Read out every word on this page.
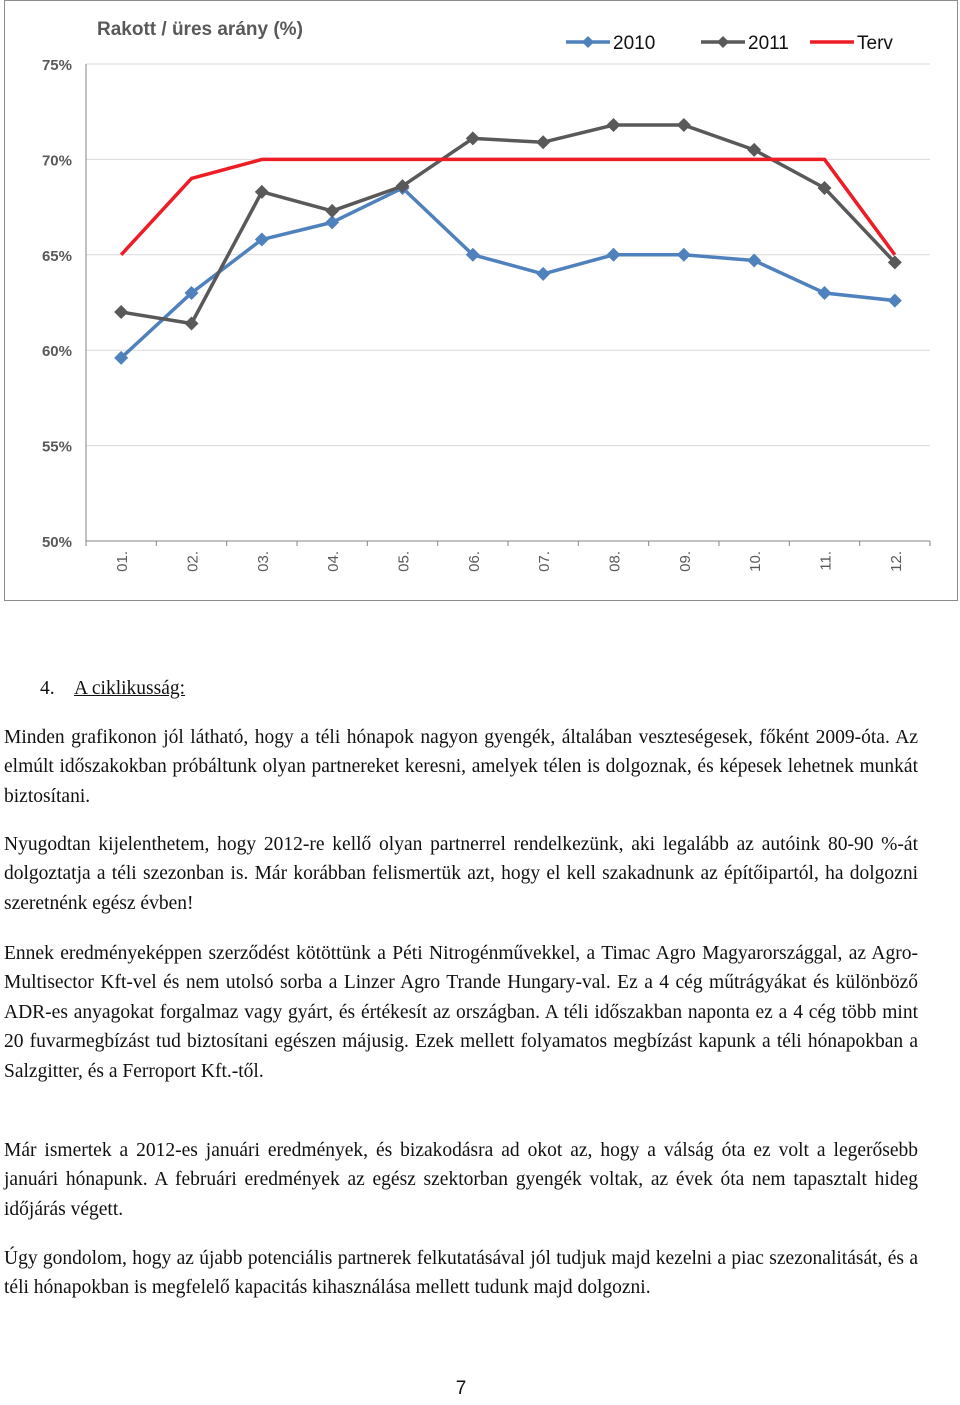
Rakott / üres arány (%)
50%
55%
60%
65%
70%
75%
01.	02.	03.	04.	05.	06.	07.	08.	09.	10.	11.	12.
2010	2011	Terv
4. A ciklikusság:

Minden grafikonon jól látható, hogy a téli hónapok nagyon gyengék, általában veszteségesek, főként 2009-óta. Az elmúlt időszakokban próbáltunk olyan partnereket keresni, amelyek télen is dolgoznak, és képesek lehetnek munkát biztosítani.

Nyugodtan kijelenthetem, hogy 2012-re kellő olyan partnerrel rendelkezünk, aki legalább az autóink 80-90 %-át dolgoztatja a téli szezonban is. Már korábban felismertük azt, hogy el kell szakadnunk az építőipartól, ha dolgozni szeretnénk egész évben!

Ennek eredményeképpen szerződést kötöttünk a Péti Nitrogénművekkel, a Timac Agro Magyarországgal, az Agro-Multisector Kft-vel és nem utolsó sorba a Linzer Agro Trande Hungary-val. Ez a 4 cég műtrágyákat és különböző ADR-es anyagokat forgalmaz vagy gyárt, és értékesít az országban. A téli időszakban naponta ez a 4 cég több mint 20 fuvarmegbízást tud biztosítani egészen májusig. Ezek mellett folyamatos megbízást kapunk a téli hónapokban a Salzgitter, és a Ferroport Kft.-től.

Már ismertek a 2012-es januári eredmények, és bizakodásra ad okot az, hogy a válság óta ez volt a legerősebb januári hónapunk. A februári eredmények az egész szektorban gyengék voltak, az évek óta nem tapasztalt hideg időjárás végett.

Úgy gondolom, hogy az újabb potenciális partnerek felkutatásával jól tudjuk majd kezelni a piac szezonalitását, és a téli hónapokban is megfelelő kapacitás kihasználása mellett tudunk majd dolgozni.

7
